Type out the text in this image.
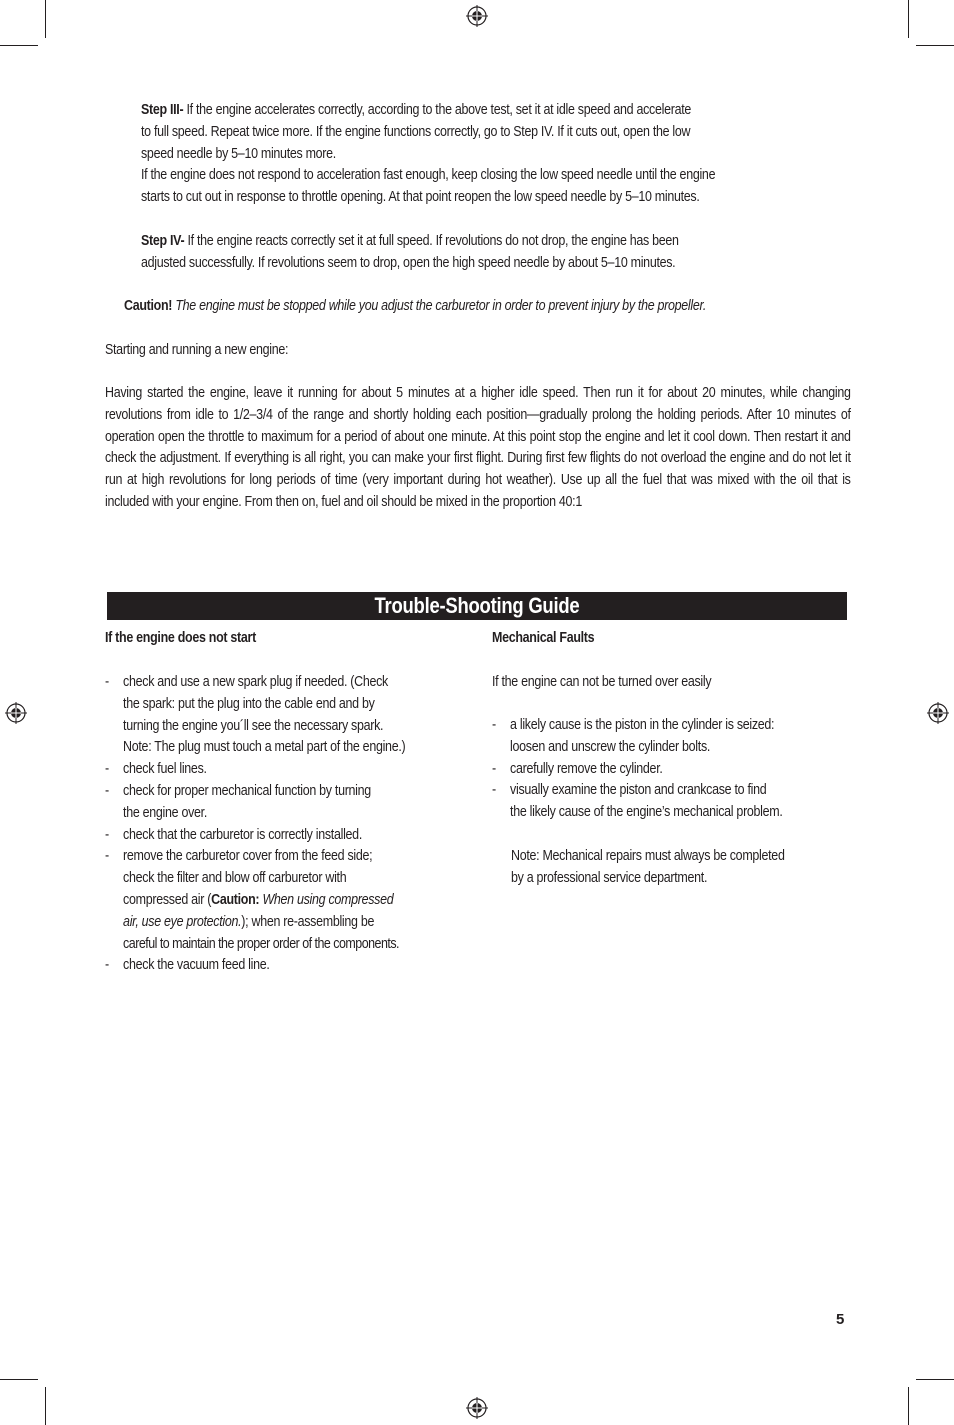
Step III- If the engine accelerates correctly, according to the above test, set it at idle speed and accelerate
to full speed. Repeat twice more. If the engine functions correctly, go to Step IV. If it cuts out, open the low
speed needle by 5–10 minutes more.
If the engine does not respond to acceleration fast enough, keep closing the low speed needle until the engine
starts to cut out in response to throttle opening. At that point reopen the low speed needle by 5–10 minutes.
Step IV- If the engine reacts correctly set it at full speed. If revolutions do not drop, the engine has been
adjusted successfully. If revolutions seem to drop, open the high speed needle by about 5–10 minutes.
Caution! The engine must be stopped while you adjust the carburetor in order to prevent injury by the propeller.
Starting and running a new engine:
Having started the engine, leave it running for about 5 minutes at a higher idle speed. Then run it for about 20 minutes, while changing revolutions from idle to 1/2–3/4 of the range and shortly holding each position—gradually prolong the holding periods. After 10 minutes of operation open the throttle to maximum for a period of about one minute. At this point stop the engine and let it cool down. Then restart it and check the adjustment. If everything is all right, you can make your first flight. During first few flights do not overload the engine and do not let it run at high revolutions for long periods of time (very important during hot weather). Use up all the fuel that was mixed with the oil that is included with your engine. From then on, fuel and oil should be mixed in the proportion 40:1
Trouble-Shooting Guide
If the engine does not start
- check and use a new spark plug if needed. (Check
the spark: put the plug into the cable end and by
turning the engine you´ll see the necessary spark.
Note: The plug must touch a metal part of the engine.)
- check fuel lines.
- check for proper mechanical function by turning
the engine over.
- check that the carburetor is correctly installed.
- remove the carburetor cover from the feed side;
check the filter and blow off carburetor with
compressed air (Caution: When using compressed
air, use eye protection.); when re-assembling be
careful to maintain the proper order of the components.
- check the vacuum feed line.
Mechanical Faults
If the engine can not be turned over easily
- a likely cause is the piston in the cylinder is seized:
loosen and unscrew the cylinder bolts.
- carefully remove the cylinder.
- visually examine the piston and crankcase to find
the likely cause of the engine’s mechanical problem.
Note: Mechanical repairs must always be completed
by a professional service department.
5
